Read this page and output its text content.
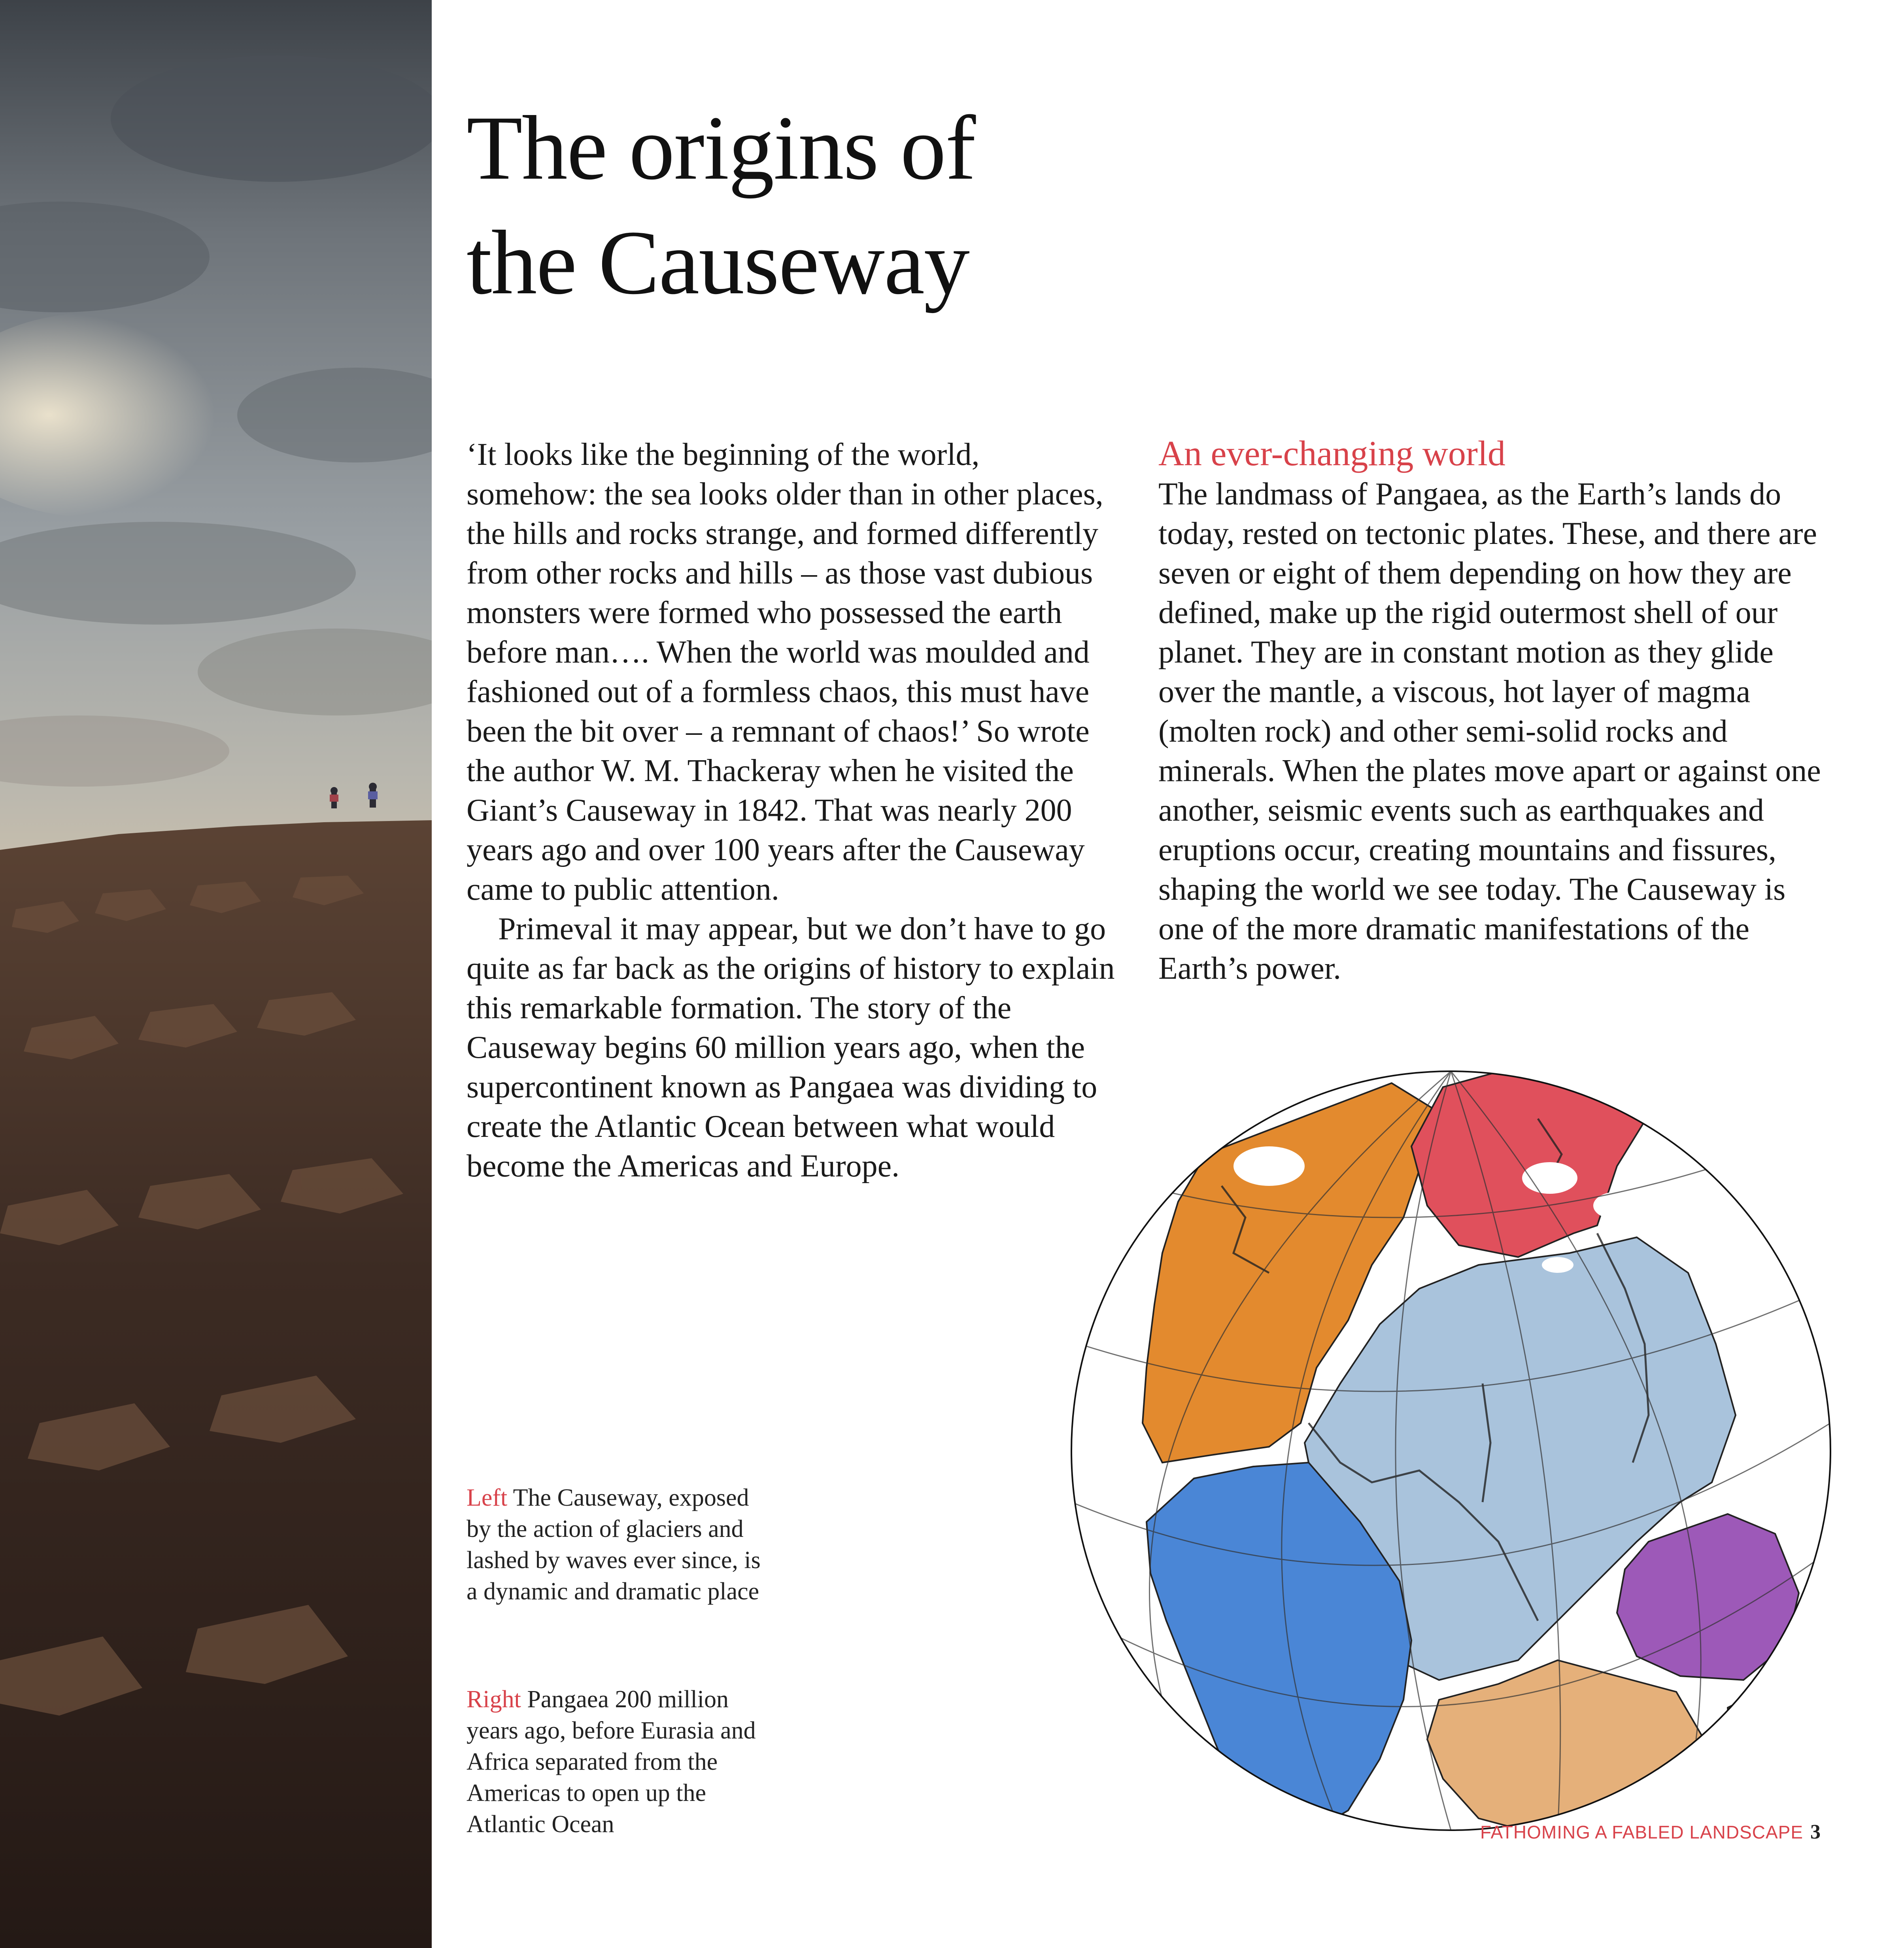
The origins of the Causeway

‘It looks like the beginning of the world, somehow: the sea looks older than in other places, the hills and rocks strange, and formed differently from other rocks and hills – as those vast dubious monsters were formed who possessed the earth before man…. When the world was moulded and fashioned out of a formless chaos, this must have been the bit over – a remnant of chaos!’ So wrote the author W. M. Thackeray when he visited the Giant’s Causeway in 1842. That was nearly 200 years ago and over 100 years after the Causeway came to public attention.

Primeval it may appear, but we don’t have to go quite as far back as the origins of history to explain this remarkable formation. The story of the Causeway begins 60 million years ago, when the supercontinent known as Pangaea was dividing to create the Atlantic Ocean between what would become the Americas and Europe.

An ever-changing world

The landmass of Pangaea, as the Earth’s lands do today, rested on tectonic plates. These, and there are seven or eight of them depending on how they are defined, make up the rigid outermost shell of our planet. They are in constant motion as they glide over the mantle, a viscous, hot layer of magma (molten rock) and other semi-solid rocks and minerals. When the plates move apart or against one another, seismic events such as earthquakes and eruptions occur, creating mountains and fissures, shaping the world we see today. The Causeway is one of the more dramatic manifestations of the Earth’s power.

Left The Causeway, exposed by the action of glaciers and lashed by waves ever since, is a dynamic and dramatic place
Right Pangaea 200 million years ago, before Eurasia and Africa separated from the Americas to open up the Atlantic Ocean	FATHOMING A FABLED LANDSCAPE 3
